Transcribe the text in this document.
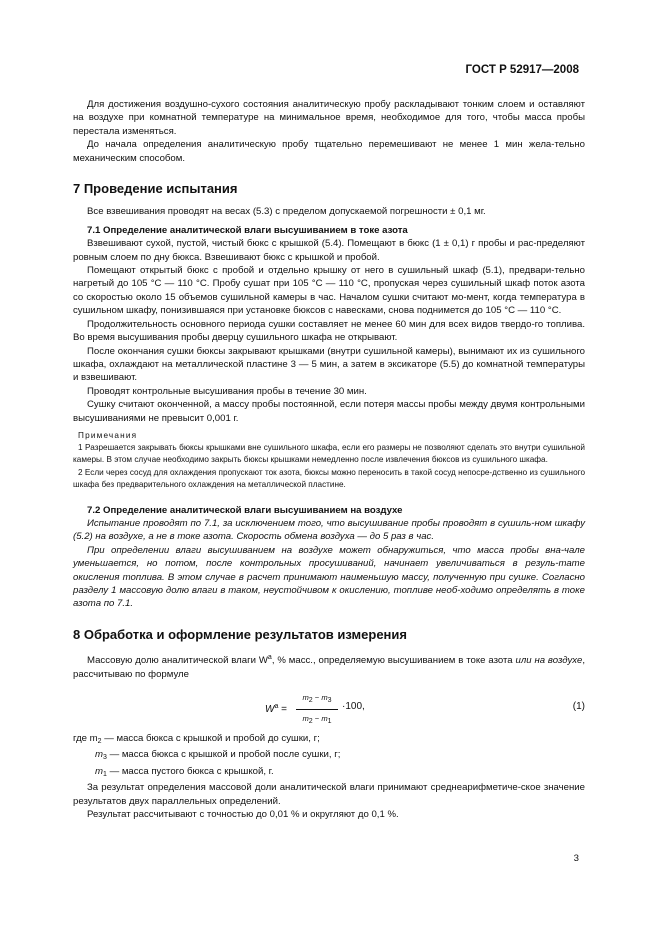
ГОСТ Р 52917—2008

Для достижения воздушно-сухого состояния аналитическую пробу раскладывают тонким слоем и оставляют на воздухе при комнатной температуре на минимальное время, необходимое для того, чтобы масса пробы перестала изменяться.

До начала определения аналитическую пробу тщательно перемешивают не менее 1 мин жела-тельно механическим способом.

7 Проведение испытания

Все взвешивания проводят на весах (5.3) с пределом допускаемой погрешности ± 0,1 мг.

7.1 Определение аналитической влаги высушиванием в токе азота

Взвешивают сухой, пустой, чистый бюкс с крышкой (5.4). Помещают в бюкс (1 ± 0,1) г пробы и рас-пределяют ровным слоем по дну бюкса. Взвешивают бюкс с крышкой и пробой.

Помещают открытый бюкс с пробой и отдельно крышку от него в сушильный шкаф (5.1), предвари-тельно нагретый до 105 °С — 110 °С. Пробу сушат при 105 °С — 110 °С, пропуская через сушильный шкаф поток азота со скоростью около 15 объемов сушильной камеры в час. Началом сушки считают мо-мент, когда температура в сушильном шкафу, понизившаяся при установке бюксов с навесками, снова поднимется до 105 °С — 110 °С.

Продолжительность основного периода сушки составляет не менее 60 мин для всех видов твердо-го топлива. Во время высушивания пробы дверцу сушильного шкафа не открывают.

После окончания сушки бюксы закрывают крышками (внутри сушильной камеры), вынимают их из сушильного шкафа, охлаждают на металлической пластине 3 — 5 мин, а затем в эксикаторе (5.5) до комнатной температуры и взвешивают.

Проводят контрольные высушивания пробы в течение 30 мин.

Сушку считают оконченной, а массу пробы постоянной, если потеря массы пробы между двумя контрольными высушиваниями не превысит 0,001 г.

Примечания

1 Разрешается закрывать бюксы крышками вне сушильного шкафа, если его размеры не позволяют сделать это внутри сушильной камеры. В этом случае необходимо закрыть бюксы крышками немедленно после извлечения бюксов из сушильного шкафа.

2 Если через сосуд для охлаждения пропускают ток азота, бюксы можно переносить в такой сосуд непосре-дственно из сушильного шкафа без предварительного охлаждения на металлической пластине.

7.2 Определение аналитической влаги высушиванием на воздухе

Испытание проводят по 7.1, за исключением того, что высушивание пробы проводят в сушиль-ном шкафу (5.2) на воздухе, а не в токе азота. Скорость обмена воздуха — до 5 раз в час.

При определении влаги высушиванием на воздухе может обнаружиться, что масса пробы вна-чале уменьшается, но потом, после контрольных просушиваний, начинает увеличиваться в резуль-тате окисления топлива. В этом случае в расчет принимают наименьшую массу, полученную при сушке. Согласно разделу 1 массовую долю влаги в таком, неустойчивом к окислению, топливе необ-ходимо определять в токе азота по 7.1.

8 Обработка и оформление результатов измерения

Массовую долю аналитической влаги $W^a$, % масс., определяемую высушиванием в токе азота или на воздухе, рассчитываю по формуле

$W^a = \frac{m_2 - m_3}{m_2 - m_1} \cdot 100$,	(1)

где $m_2$ — масса бюкса с крышкой и пробой до сушки, г;

$m_3$ — масса бюкса с крышкой и пробой после сушки, г;

$m_1$ — масса пустого бюкса с крышкой, г.

За результат определения массовой доли аналитической влаги принимают среднеарифметиче-ское значение результатов двух параллельных определений.

Результат рассчитывают с точностью до 0,01 % и округляют до 0,1 %.

3
